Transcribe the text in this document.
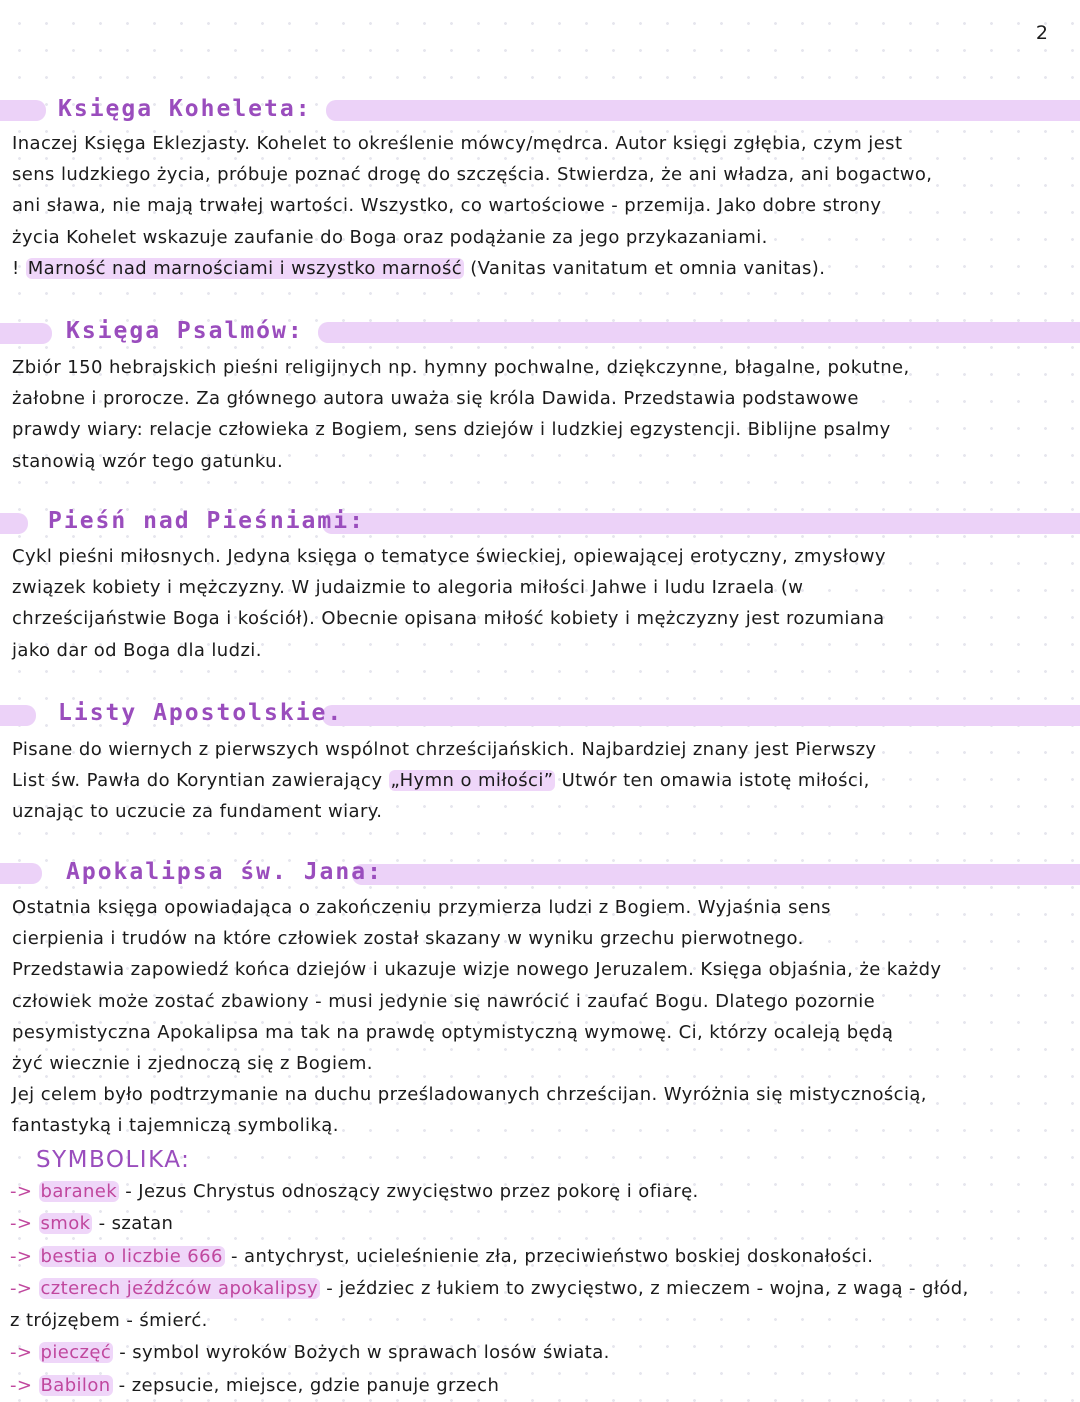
2
Księga Koheleta:
Inaczej Księga Eklezjasty. Kohelet to określenie mówcy/mędrca. Autor księgi zgłębia, czym jest
sens ludzkiego życia, próbuje poznać drogę do szczęścia. Stwierdza, że ani władza, ani bogactwo,
ani sława, nie mają trwałej wartości. Wszystko, co wartościowe - przemija. Jako dobre strony
życia Kohelet wskazuje zaufanie do Boga oraz podążanie za jego przykazaniami.
! Marność nad marnościami i wszystko marność (Vanitas vanitatum et omnia vanitas).
Księga Psalmów:
Zbiór 150 hebrajskich pieśni religijnych np. hymny pochwalne, dziękczynne, błagalne, pokutne,
żałobne i prorocze. Za głównego autora uważa się króla Dawida. Przedstawia podstawowe
prawdy wiary: relacje człowieka z Bogiem, sens dziejów i ludzkiej egzystencji. Biblijne psalmy
stanowią wzór tego gatunku.
Pieśń nad Pieśniami:
Cykl pieśni miłosnych. Jedyna księga o tematyce świeckiej, opiewającej erotyczny, zmysłowy
związek kobiety i mężczyzny. W judaizmie to alegoria miłości Jahwe i ludu Izraela (w
chrześcijaństwie Boga i kościół). Obecnie opisana miłość kobiety i mężczyzny jest rozumiana
jako dar od Boga dla ludzi.
Listy Apostolskie.
Pisane do wiernych z pierwszych wspólnot chrześcijańskich. Najbardziej znany jest Pierwszy
List św. Pawła do Koryntian zawierający „Hymn o miłości” Utwór ten omawia istotę miłości,
uznając to uczucie za fundament wiary.
Apokalipsa św. Jana:
Ostatnia księga opowiadająca o zakończeniu przymierza ludzi z Bogiem. Wyjaśnia sens
cierpienia i trudów na które człowiek został skazany w wyniku grzechu pierwotnego.
Przedstawia zapowiedź końca dziejów i ukazuje wizje nowego Jeruzalem. Księga objaśnia, że każdy
człowiek może zostać zbawiony - musi jedynie się nawrócić i zaufać Bogu. Dlatego pozornie
pesymistyczna Apokalipsa ma tak na prawdę optymistyczną wymowę. Ci, którzy ocaleją będą
żyć wiecznie i zjednoczą się z Bogiem.
Jej celem było podtrzymanie na duchu prześladowanych chrześcijan. Wyróżnia się mistycznością,
fantastyką i tajemniczą symboliką.
SYMBOLIKA:
-> baranek - Jezus Chrystus odnoszący zwycięstwo przez pokorę i ofiarę.
-> smok - szatan
-> bestia o liczbie 666 - antychryst, ucieleśnienie zła, przeciwieństwo boskiej doskonałości.
-> czterech jeźdźców apokalipsy - jeździec z łukiem to zwycięstwo, z mieczem - wojna, z wagą - głód,
z trójzębem - śmierć.
-> pieczęć - symbol wyroków Bożych w sprawach losów świata.
-> Babilon - zepsucie, miejsce, gdzie panuje grzech
